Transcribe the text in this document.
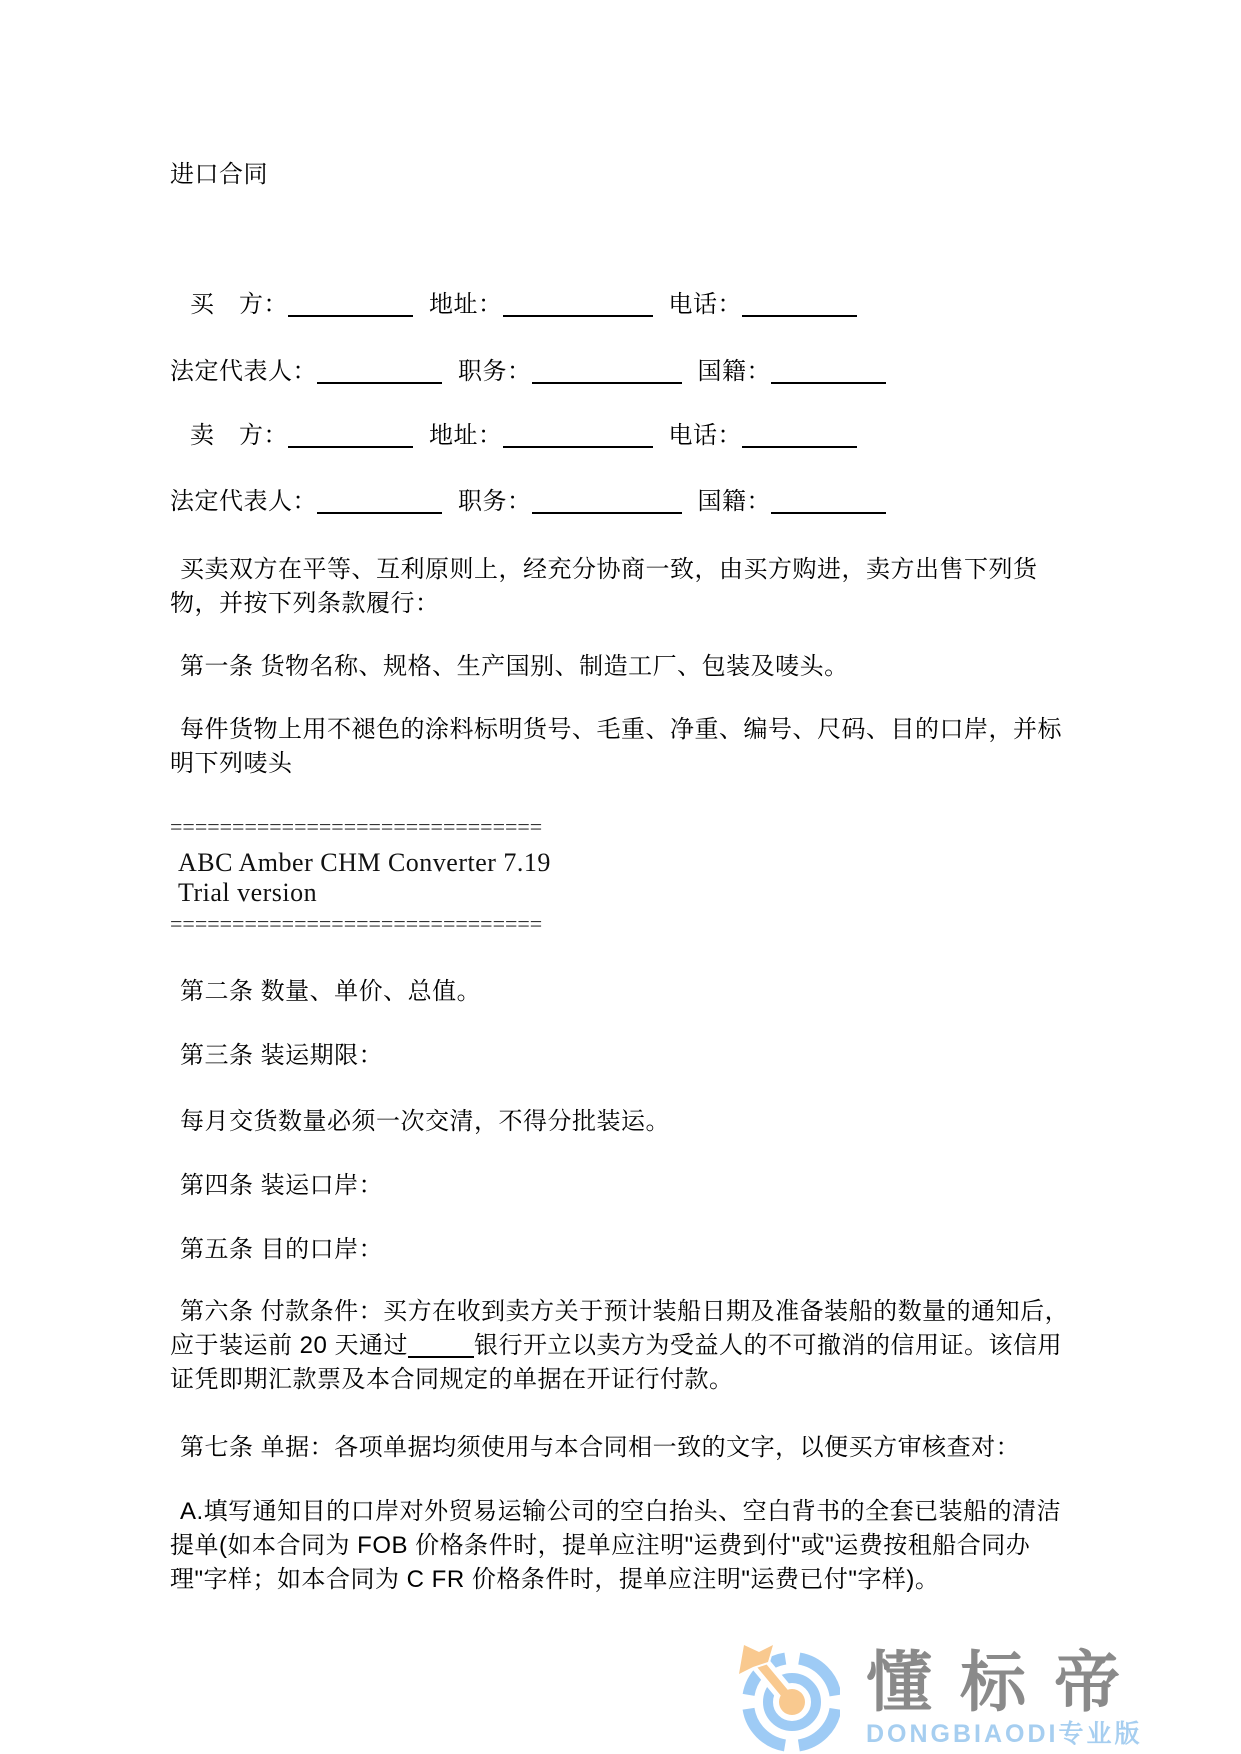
进口合同
买　方：	地址：	电话：
法定代表人：	职务：	国籍：
卖　方：	地址：	电话：
法定代表人：	职务：	国籍：
买卖双方在平等、互利原则上，经充分协商一致，由买方购进，卖方出售下列货物，并按下列条款履行：
第一条 货物名称、规格、生产国别、制造工厂、包装及唛头。
每件货物上用不褪色的涂料标明货号、毛重、净重、编号、尺码、目的口岸，并标明下列唛头
==============================
ABC Amber CHM Converter 7.19
Trial version
==============================
第二条 数量、单价、总值。
第三条 装运期限：
每月交货数量必须一次交清，不得分批装运。
第四条 装运口岸：
第五条 目的口岸：
第六条 付款条件：买方在收到卖方关于预计装船日期及准备装船的数量的通知后，应于装运前 20 天通过	银行开立以卖方为受益人的不可撤消的信用证。该信用证凭即期汇款票及本合同规定的单据在开证行付款。
第七条 单据：各项单据均须使用与本合同相一致的文字，以便买方审核查对：
A.填写通知目的口岸对外贸易运输公司的空白抬头、空白背书的全套已装船的清洁提单(如本合同为 FOB 价格条件时，提单应注明"运费到付"或"运费按租船合同办理"字样；如本合同为 C FR 价格条件时，提单应注明"运费已付"字样)。
懂标帝
DONGBIAODI专业版
